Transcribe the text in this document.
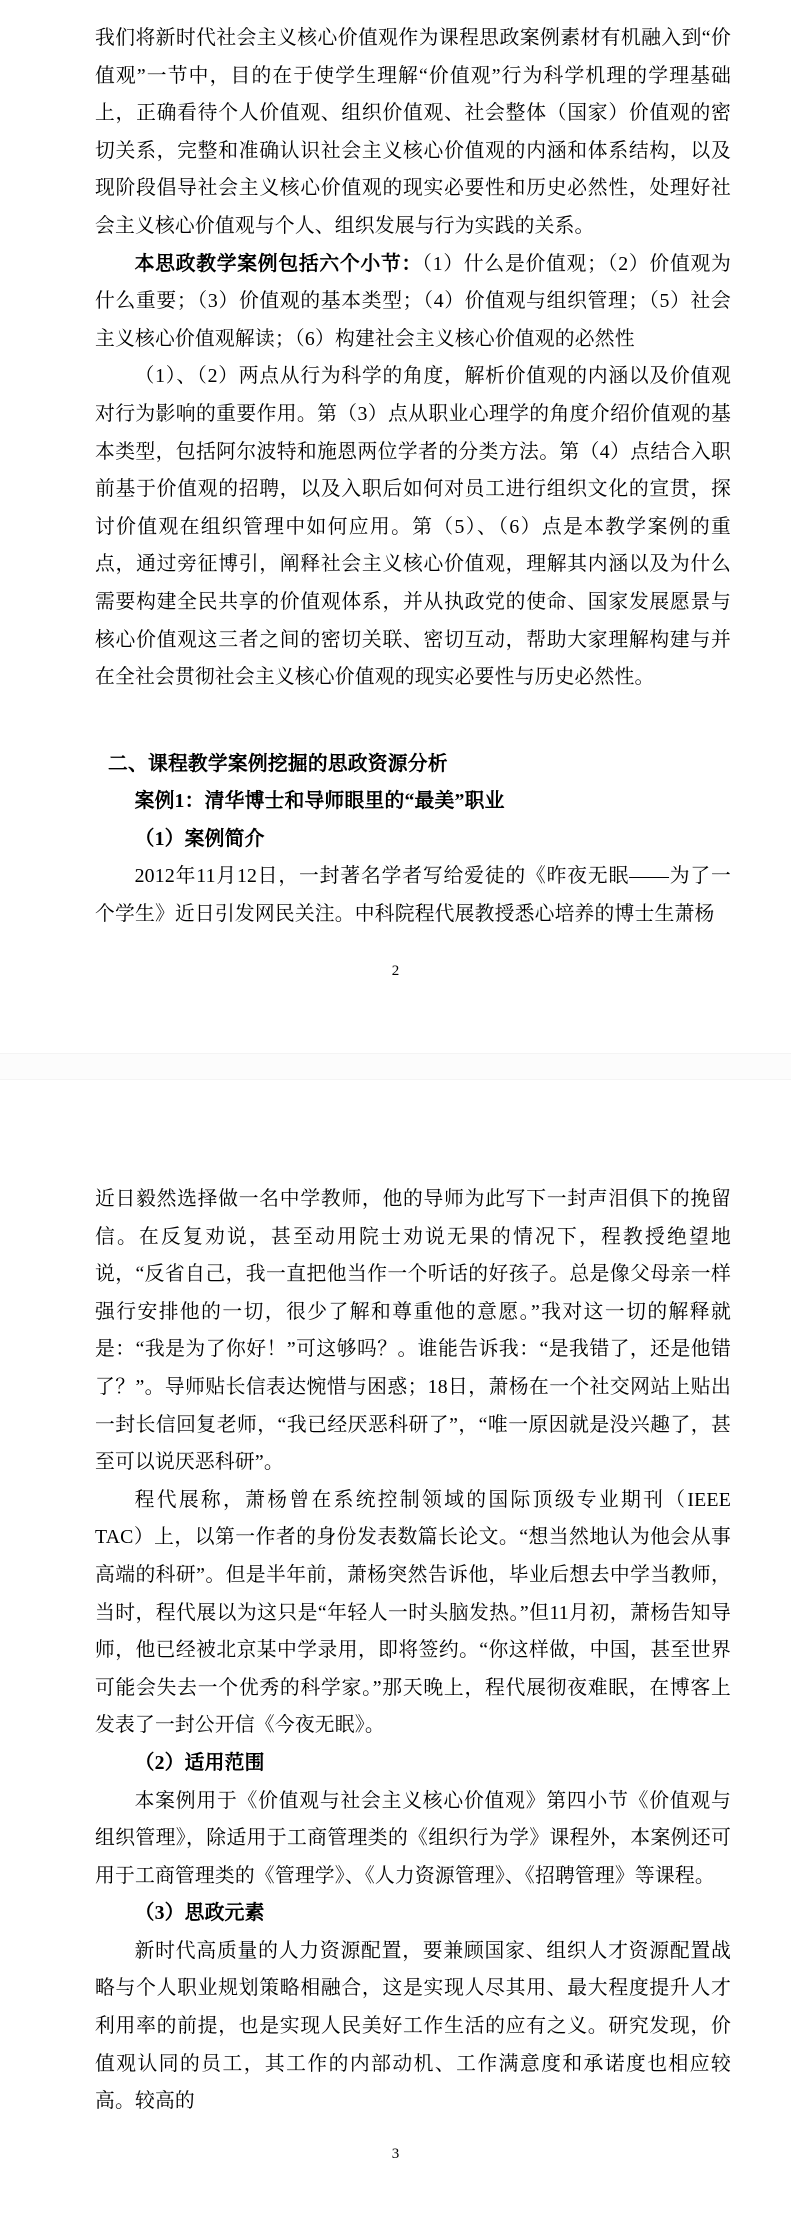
我们将新时代社会主义核心价值观作为课程思政案例素材有机融入到“价值观”一节中，目的在于使学生理解“价值观”行为科学机理的学理基础上，正确看待个人价值观、组织价值观、社会整体（国家）价值观的密切关系，完整和准确认识社会主义核心价值观的内涵和体系结构，以及现阶段倡导社会主义核心价值观的现实必要性和历史必然性，处理好社会主义核心价值观与个人、组织发展与行为实践的关系。
本思政教学案例包括六个小节：（1）什么是价值观；（2）价值观为什么重要；（3）价值观的基本类型；（4）价值观与组织管理；（5）社会主义核心价值观解读；（6）构建社会主义核心价值观的必然性
（1）、（2）两点从行为科学的角度，解析价值观的内涵以及价值观对行为影响的重要作用。第（3）点从职业心理学的角度介绍价值观的基本类型，包括阿尔波特和施恩两位学者的分类方法。第（4）点结合入职前基于价值观的招聘，以及入职后如何对员工进行组织文化的宣贯，探讨价值观在组织管理中如何应用。第（5）、（6）点是本教学案例的重点，通过旁征博引，阐释社会主义核心价值观，理解其内涵以及为什么需要构建全民共享的价值观体系，并从执政党的使命、国家发展愿景与核心价值观这三者之间的密切关联、密切互动，帮助大家理解构建与并在全社会贯彻社会主义核心价值观的现实必要性与历史必然性。
二、课程教学案例挖掘的思政资源分析
案例1：清华博士和导师眼里的“最美”职业
（1）案例简介
2012年11月12日，一封著名学者写给爱徒的《昨夜无眠——为了一个学生》近日引发网民关注。中科院程代展教授悉心培养的博士生萧杨
2
近日毅然选择做一名中学教师，他的导师为此写下一封声泪俱下的挽留信。在反复劝说，甚至动用院士劝说无果的情况下，程教授绝望地说，“反省自己，我一直把他当作一个听话的好孩子。总是像父母亲一样强行安排他的一切，很少了解和尊重他的意愿。”我对这一切的解释就是：“我是为了你好！”可这够吗？。谁能告诉我：“是我错了，还是他错了？”。导师贴长信表达惋惜与困惑；18日，萧杨在一个社交网站上贴出一封长信回复老师，“我已经厌恶科研了”，“唯一原因就是没兴趣了，甚至可以说厌恶科研”。
程代展称，萧杨曾在系统控制领域的国际顶级专业期刊（IEEE TAC）上，以第一作者的身份发表数篇长论文。“想当然地认为他会从事高端的科研”。但是半年前，萧杨突然告诉他，毕业后想去中学当教师，当时，程代展以为这只是“年轻人一时头脑发热。”但11月初，萧杨告知导师，他已经被北京某中学录用，即将签约。“你这样做，中国，甚至世界可能会失去一个优秀的科学家。”那天晚上，程代展彻夜难眠，在博客上发表了一封公开信《今夜无眠》。
（2）适用范围
本案例用于《价值观与社会主义核心价值观》第四小节《价值观与组织管理》，除适用于工商管理类的《组织行为学》课程外，本案例还可用于工商管理类的《管理学》、《人力资源管理》、《招聘管理》等课程。
（3）思政元素
新时代高质量的人力资源配置，要兼顾国家、组织人才资源配置战略与个人职业规划策略相融合，这是实现人尽其用、最大程度提升人才利用率的前提，也是实现人民美好工作生活的应有之义。研究发现，价值观认同的员工，其工作的内部动机、工作满意度和承诺度也相应较高。较高的
3
